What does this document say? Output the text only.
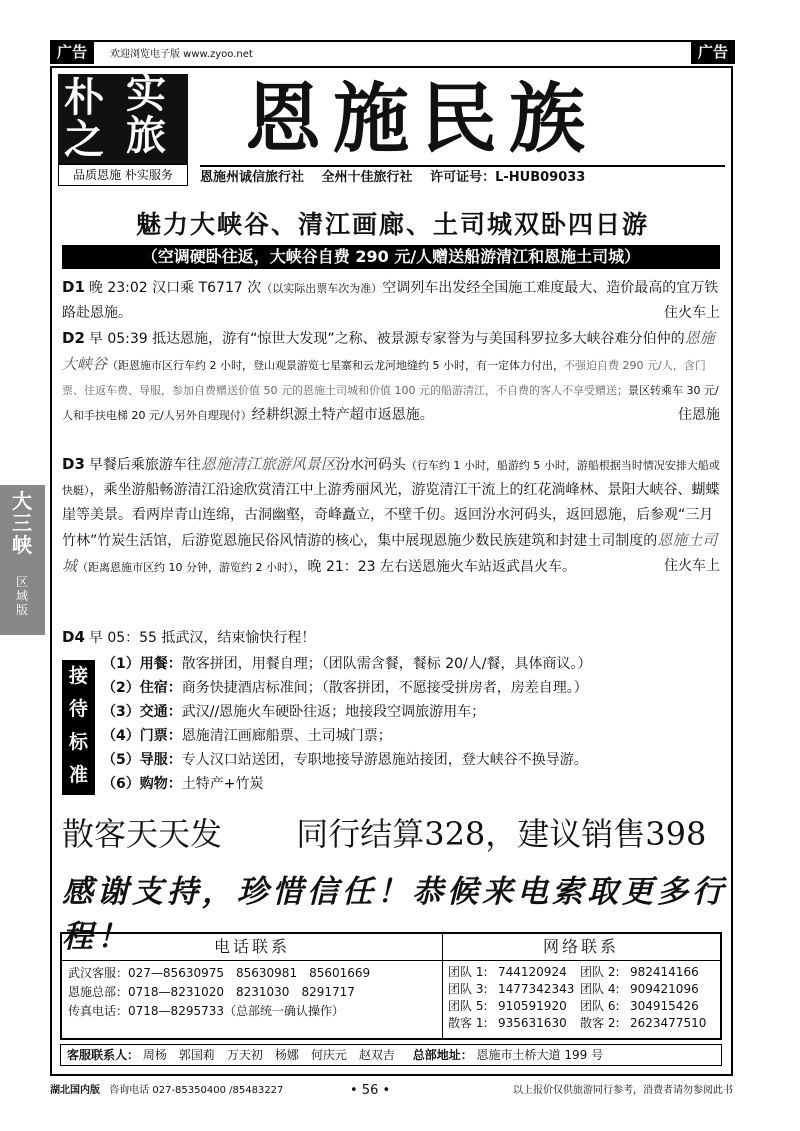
广告	广告
欢迎浏览电子版 www.zyoo.net
朴 实
之 旅
品质恩施 朴实服务
恩施民族
恩施州诚信旅行社　 全州十佳旅行社　 许可证号：L-HUB09033
魅力大峡谷、清江画廊、土司城双卧四日游
（空调硬卧往返，大峡谷自费 290 元/人赠送船游清江和恩施土司城）
D1 晚 23:02 汉口乘 T6717 次（以实际出票车次为准）空调列车出发经全国施工难度最大、造价最高的宜万铁路赴恩施。	住火车上
D2 早 05:39 抵达恩施，游有“惊世大发现”之称、被景源专家誉为与美国科罗拉多大峡谷难分伯仲的恩施大峡谷（距恩施市区行车约 2 小时，登山观景游览七星寨和云龙河地缝约 5 小时，有一定体力付出，不强迫自费 290 元/人，含门票、往返车费、导服，参加自费赠送价值 50 元的恩施土司城和价值 100 元的船游清江，不自费的客人不享受赠送；景区转乘车 30 元/人和手扶电梯 20 元/人另外自理现付）经耕织源土特产超市返恩施。	住恩施
D3 早餐后乘旅游车往恩施清江旅游风景区汾水河码头（行车约 1 小时，船游约 5 小时，游船根据当时情况安排大船或快艇），乘坐游船畅游清江沿途欣赏清江中上游秀丽风光，游览清江干流上的红花淌峰林、景阳大峡谷、蝴蝶崖等美景。看两岸青山连绵，古洞幽壑，奇峰矗立，不壁千仞。返回汾水河码头，返回恩施，后参观“三月竹林”竹炭生活馆，后游览恩施民俗风情游的核心，集中展现恩施少数民族建筑和封建土司制度的恩施土司城（距离恩施市区约 10 分钟，游览约 2 小时），晚 21：23 左右送恩施火车站返武昌火车。	住火车上
D4 早 05：55 抵武汉，结束愉快行程！
大三峡
区域版
接
待
标
准
（1）用餐：散客拼团，用餐自理；（团队需含餐，餐标 20/人/餐，具体商议。）
（2）住宿：商务快捷酒店标准间；（散客拼团，不愿接受拼房者，房差自理。）
（3）交通：武汉//恩施火车硬卧往返；地接段空调旅游用车；
（4）门票：恩施清江画廊船票、土司城门票；
（5）导服：专人汉口站送团，专职地接导游恩施站接团，登大峡谷不换导游。
（6）购物：土特产+竹炭
散客天天发　　 同行结算328，建议销售398
感谢支持，珍惜信任！恭候来电索取更多行程！	电话联系	网络联系
武汉客服：027—85630975　85630981　85601669
恩施总部：0718—8231020　8231030　8291717
传真电话：0718—8295733（总部统一确认操作）
团队 1: 744120924 团队 2: 982414166
团队 3: 1477342343 团队 4: 909421096
团队 5: 910591920 团队 6: 304915426
散客 1: 935631630 散客 2: 2623477510
客服联系人： 周杨　郭国莉　万天初　杨娜　何庆元　赵双吉 总部地址： 恩施市土桥大道 199 号
湖北国内版 咨询电话 027-85350400 /85483227	• 56 •	以上报价仅供旅游同行参考，消费者请勿参阅此书
